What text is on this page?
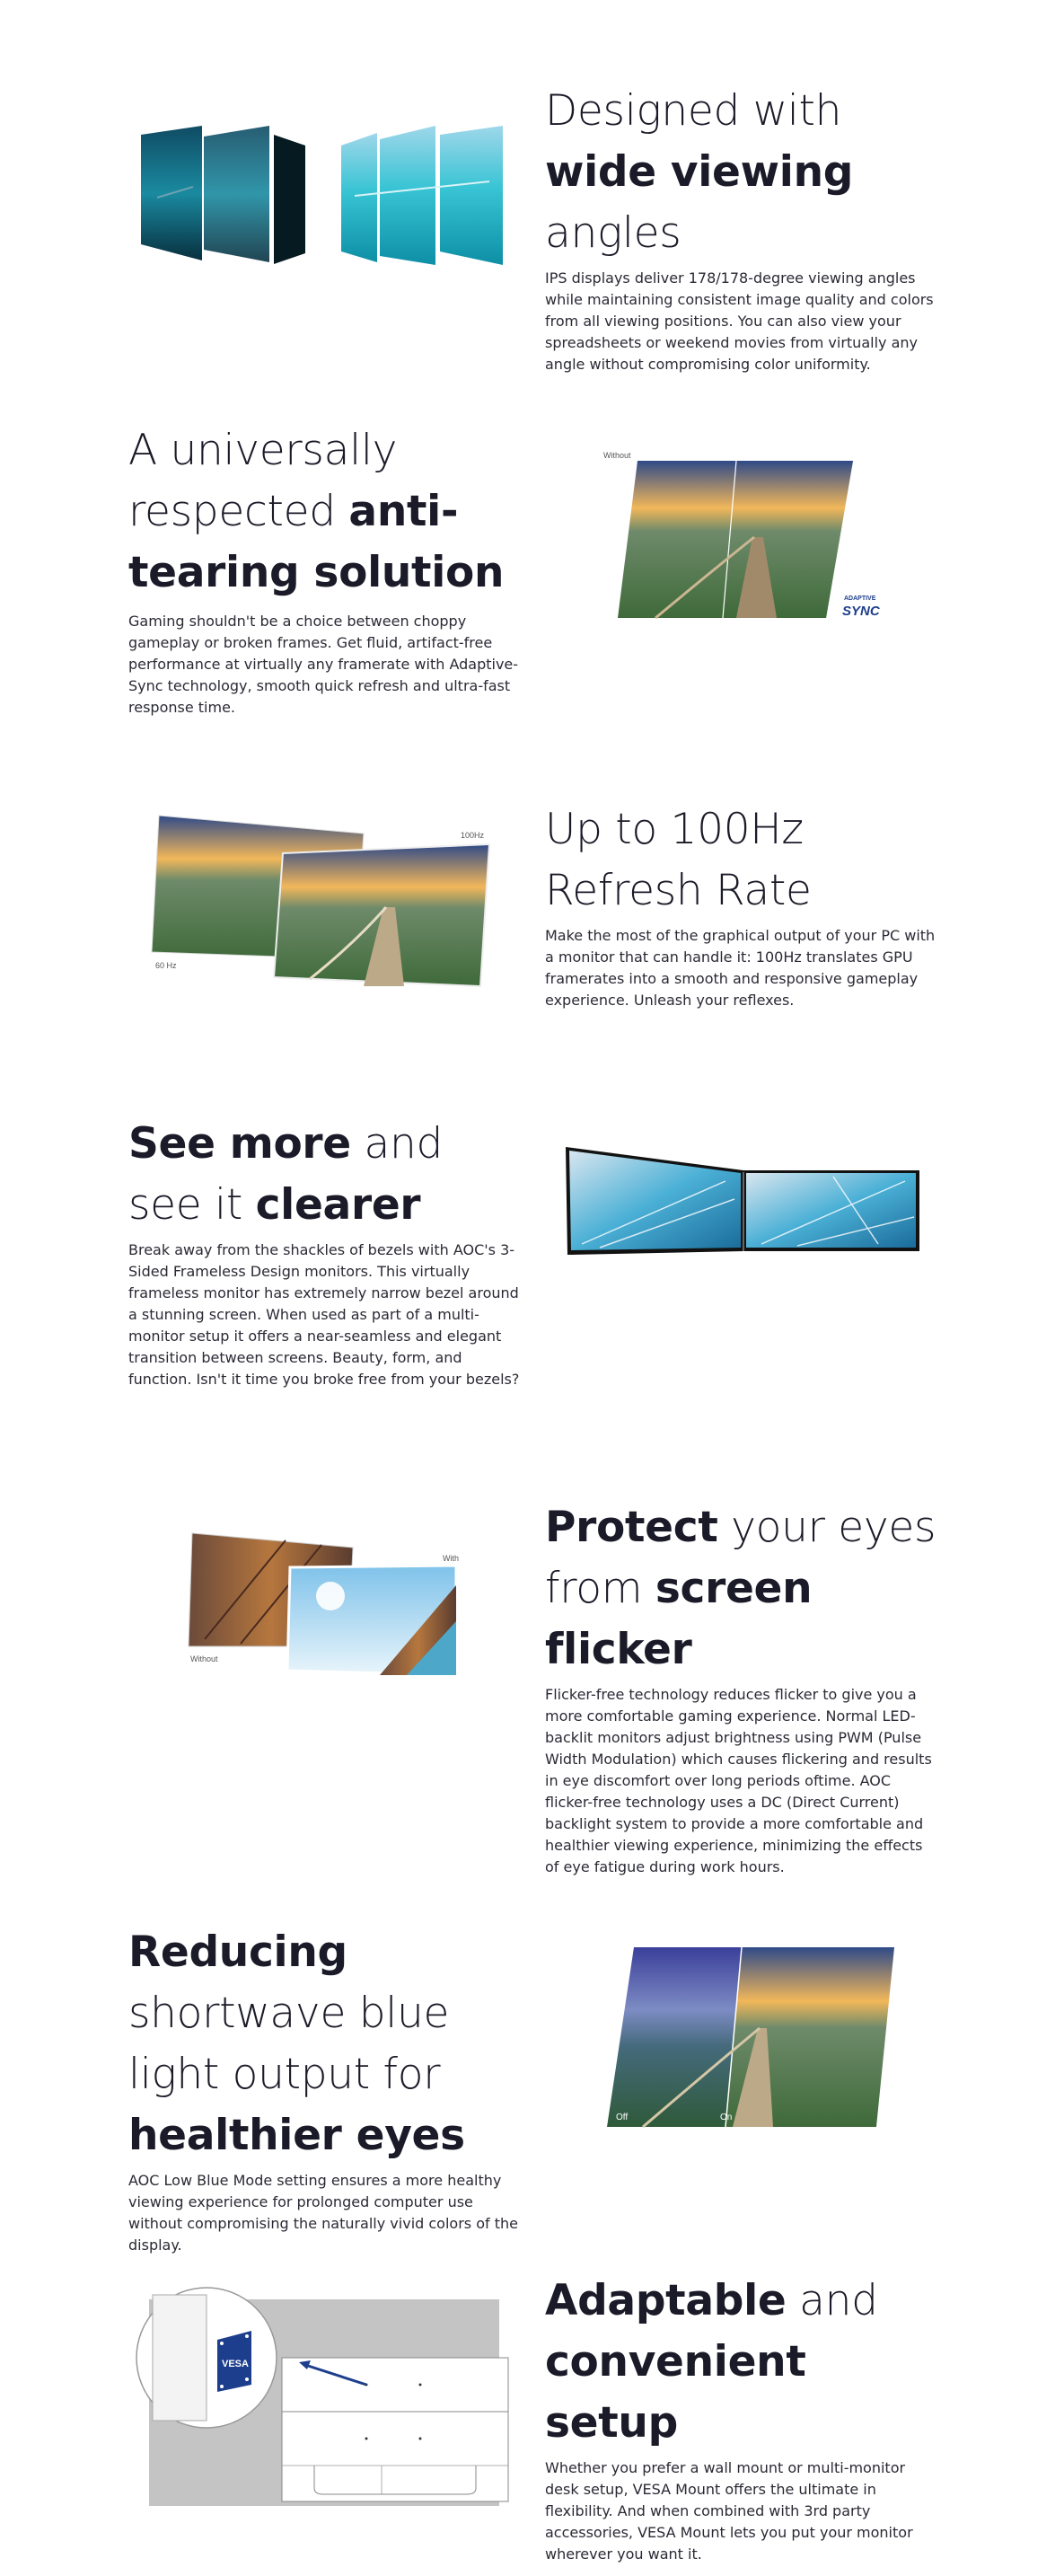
Designed with wide viewing angles
IPS displays deliver 178/178-degree viewing angles while maintaining consistent image quality and colors from all viewing positions. You can also view your spreadsheets or weekend movies from virtually any angle without compromising color uniformity.
A universally respected anti-tearing solution
Gaming shouldn't be a choice between choppy gameplay or broken frames. Get fluid, artifact-free performance at virtually any framerate with Adaptive-Sync technology, smooth quick refresh and ultra-fast response time.
Without
ADAPTIVE
SYNC
100Hz
60 Hz
Up to 100Hz
Refresh Rate
Make the most of the graphical output of your PC with a monitor that can handle it: 100Hz translates GPU framerates into a smooth and responsive gameplay experience. Unleash your reflexes.
See more and see it clearer
Break away from the shackles of bezels with AOC's 3-Sided Frameless Design monitors. This virtually frameless monitor has extremely narrow bezel around a stunning screen. When used as part of a multi-monitor setup it offers a near-seamless and elegant transition between screens. Beauty, form, and function. Isn't it time you broke free from your bezels?
With
Without
Protect your eyes from screen flicker
Flicker-free technology reduces flicker to give you a more comfortable gaming experience. Normal LED-backlit monitors adjust brightness using PWM (Pulse Width Modulation) which causes flickering and results in eye discomfort over long periods oftime. AOC flicker-free technology uses a DC (Direct Current) backlight system to provide a more comfortable and healthier viewing experience, minimizing the effects of eye fatigue during work hours.
Reducing shortwave blue light output for healthier eyes
AOC Low Blue Mode setting ensures a more healthy viewing experience for prolonged computer use without compromising the naturally vivid colors of the display.
Off	On
VESA
Adaptable and convenient setup
Whether you prefer a wall mount or multi-monitor desk setup, VESA Mount offers the ultimate in flexibility. And when combined with 3rd party accessories, VESA Mount lets you put your monitor wherever you want it.
